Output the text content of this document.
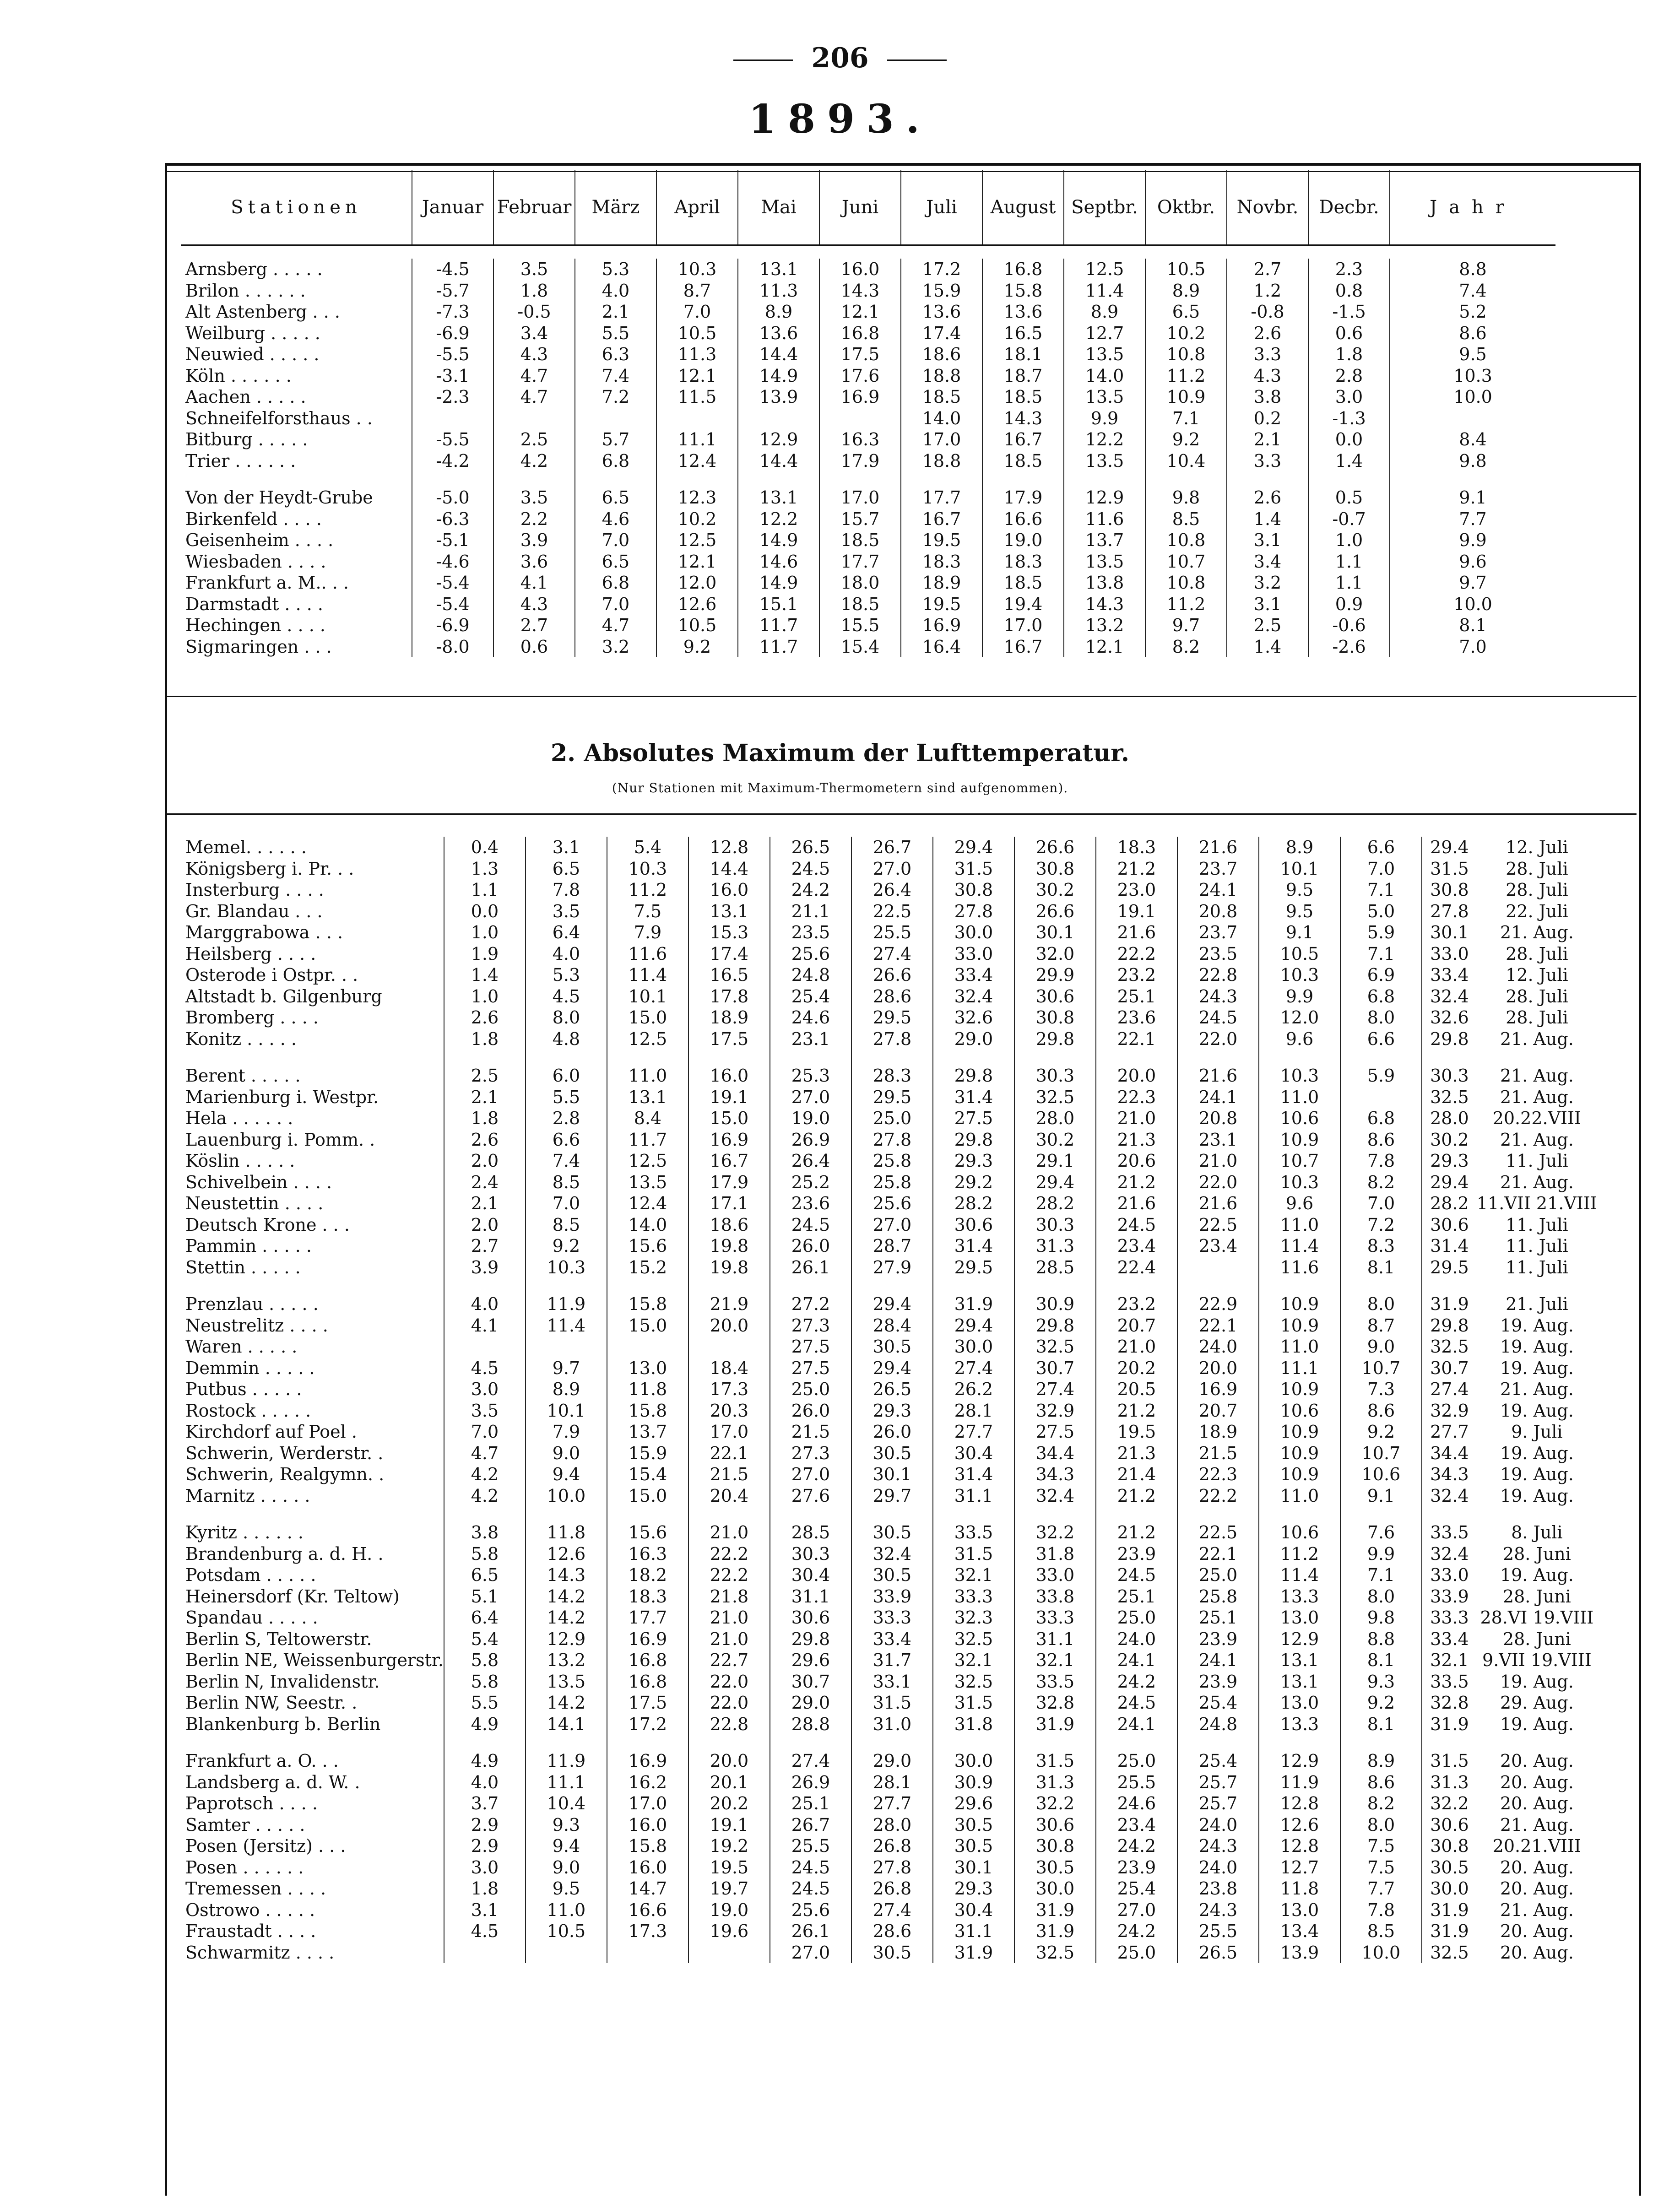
206
1893.
Stationen	Januar	Februar	März	April	Mai	Juni	Juli	August	Septbr.	Oktbr.	Novbr.	Decbr.	Jahr
Arnsberg . . . . .	-4.5	3.5	5.3	10.3	13.1	16.0	17.2	16.8	12.5	10.5	2.7	2.3	8.8
Brilon . . . . . .	-5.7	1.8	4.0	8.7	11.3	14.3	15.9	15.8	11.4	8.9	1.2	0.8	7.4
Alt Astenberg . . .	-7.3	-0.5	2.1	7.0	8.9	12.1	13.6	13.6	8.9	6.5	-0.8	-1.5	5.2
Weilburg . . . . .	-6.9	3.4	5.5	10.5	13.6	16.8	17.4	16.5	12.7	10.2	2.6	0.6	8.6
Neuwied . . . . .	-5.5	4.3	6.3	11.3	14.4	17.5	18.6	18.1	13.5	10.8	3.3	1.8	9.5
Köln . . . . . .	-3.1	4.7	7.4	12.1	14.9	17.6	18.8	18.7	14.0	11.2	4.3	2.8	10.3
Aachen . . . . .	-2.3	4.7	7.2	11.5	13.9	16.9	18.5	18.5	13.5	10.9	3.8	3.0	10.0
Schneifelforsthaus . .							14.0	14.3	9.9	7.1	0.2	-1.3	
Bitburg . . . . .	-5.5	2.5	5.7	11.1	12.9	16.3	17.0	16.7	12.2	9.2	2.1	0.0	8.4
Trier . . . . . .	-4.2	4.2	6.8	12.4	14.4	17.9	18.8	18.5	13.5	10.4	3.3	1.4	9.8

Von der Heydt-Grube	-5.0	3.5	6.5	12.3	13.1	17.0	17.7	17.9	12.9	9.8	2.6	0.5	9.1
Birkenfeld . . . .	-6.3	2.2	4.6	10.2	12.2	15.7	16.7	16.6	11.6	8.5	1.4	-0.7	7.7
Geisenheim . . . .	-5.1	3.9	7.0	12.5	14.9	18.5	19.5	19.0	13.7	10.8	3.1	1.0	9.9
Wiesbaden . . . .	-4.6	3.6	6.5	12.1	14.6	17.7	18.3	18.3	13.5	10.7	3.4	1.1	9.6
Frankfurt a. M.. . .	-5.4	4.1	6.8	12.0	14.9	18.0	18.9	18.5	13.8	10.8	3.2	1.1	9.7
Darmstadt . . . .	-5.4	4.3	7.0	12.6	15.1	18.5	19.5	19.4	14.3	11.2	3.1	0.9	10.0
Hechingen . . . .	-6.9	2.7	4.7	10.5	11.7	15.5	16.9	17.0	13.2	9.7	2.5	-0.6	8.1
Sigmaringen . . .	-8.0	0.6	3.2	9.2	11.7	15.4	16.4	16.7	12.1	8.2	1.4	-2.6	7.0
2. Absolutes Maximum der Lufttemperatur.
(Nur Stationen mit Maximum-Thermometern sind aufgenommen).
Memel. . . . . .	0.4	3.1	5.4	12.8	26.5	26.7	29.4	26.6	18.3	21.6	8.9	6.6	29.4	12. Juli
Königsberg i. Pr. . .	1.3	6.5	10.3	14.4	24.5	27.0	31.5	30.8	21.2	23.7	10.1	7.0	31.5	28. Juli
Insterburg . . . .	1.1	7.8	11.2	16.0	24.2	26.4	30.8	30.2	23.0	24.1	9.5	7.1	30.8	28. Juli
Gr. Blandau . . .	0.0	3.5	7.5	13.1	21.1	22.5	27.8	26.6	19.1	20.8	9.5	5.0	27.8	22. Juli
Marggrabowa . . .	1.0	6.4	7.9	15.3	23.5	25.5	30.0	30.1	21.6	23.7	9.1	5.9	30.1	21. Aug.
Heilsberg . . . .	1.9	4.0	11.6	17.4	25.6	27.4	33.0	32.0	22.2	23.5	10.5	7.1	33.0	28. Juli
Osterode i Ostpr. . .	1.4	5.3	11.4	16.5	24.8	26.6	33.4	29.9	23.2	22.8	10.3	6.9	33.4	12. Juli
Altstadt b. Gilgenburg	1.0	4.5	10.1	17.8	25.4	28.6	32.4	30.6	25.1	24.3	9.9	6.8	32.4	28. Juli
Bromberg . . . .	2.6	8.0	15.0	18.9	24.6	29.5	32.6	30.8	23.6	24.5	12.0	8.0	32.6	28. Juli
Konitz . . . . .	1.8	4.8	12.5	17.5	23.1	27.8	29.0	29.8	22.1	22.0	9.6	6.6	29.8	21. Aug.

Berent . . . . .	2.5	6.0	11.0	16.0	25.3	28.3	29.8	30.3	20.0	21.6	10.3	5.9	30.3	21. Aug.
Marienburg i. Westpr.	2.1	5.5	13.1	19.1	27.0	29.5	31.4	32.5	22.3	24.1	11.0		32.5	21. Aug.
Hela . . . . . .	1.8	2.8	8.4	15.0	19.0	25.0	27.5	28.0	21.0	20.8	10.6	6.8	28.0	20.22.VIII
Lauenburg i. Pomm. .	2.6	6.6	11.7	16.9	26.9	27.8	29.8	30.2	21.3	23.1	10.9	8.6	30.2	21. Aug.
Köslin . . . . .	2.0	7.4	12.5	16.7	26.4	25.8	29.3	29.1	20.6	21.0	10.7	7.8	29.3	11. Juli
Schivelbein . . . .	2.4	8.5	13.5	17.9	25.2	25.8	29.2	29.4	21.2	22.0	10.3	8.2	29.4	21. Aug.
Neustettin . . . .	2.1	7.0	12.4	17.1	23.6	25.6	28.2	28.2	21.6	21.6	9.6	7.0	28.2	11.VII 21.VIII
Deutsch Krone . . .	2.0	8.5	14.0	18.6	24.5	27.0	30.6	30.3	24.5	22.5	11.0	7.2	30.6	11. Juli
Pammin . . . . .	2.7	9.2	15.6	19.8	26.0	28.7	31.4	31.3	23.4	23.4	11.4	8.3	31.4	11. Juli
Stettin . . . . .	3.9	10.3	15.2	19.8	26.1	27.9	29.5	28.5	22.4		11.6	8.1	29.5	11. Juli

Prenzlau . . . . .	4.0	11.9	15.8	21.9	27.2	29.4	31.9	30.9	23.2	22.9	10.9	8.0	31.9	21. Juli
Neustrelitz . . . .	4.1	11.4	15.0	20.0	27.3	28.4	29.4	29.8	20.7	22.1	10.9	8.7	29.8	19. Aug.
Waren . . . . .					27.5	30.5	30.0	32.5	21.0	24.0	11.0	9.0	32.5	19. Aug.
Demmin . . . . .	4.5	9.7	13.0	18.4	27.5	29.4	27.4	30.7	20.2	20.0	11.1	10.7	30.7	19. Aug.
Putbus . . . . .	3.0	8.9	11.8	17.3	25.0	26.5	26.2	27.4	20.5	16.9	10.9	7.3	27.4	21. Aug.
Rostock . . . . .	3.5	10.1	15.8	20.3	26.0	29.3	28.1	32.9	21.2	20.7	10.6	8.6	32.9	19. Aug.
Kirchdorf auf Poel .	7.0	7.9	13.7	17.0	21.5	26.0	27.7	27.5	19.5	18.9	10.9	9.2	27.7	9. Juli
Schwerin, Werderstr. .	4.7	9.0	15.9	22.1	27.3	30.5	30.4	34.4	21.3	21.5	10.9	10.7	34.4	19. Aug.
Schwerin, Realgymn. .	4.2	9.4	15.4	21.5	27.0	30.1	31.4	34.3	21.4	22.3	10.9	10.6	34.3	19. Aug.
Marnitz . . . . .	4.2	10.0	15.0	20.4	27.6	29.7	31.1	32.4	21.2	22.2	11.0	9.1	32.4	19. Aug.

Kyritz . . . . . .	3.8	11.8	15.6	21.0	28.5	30.5	33.5	32.2	21.2	22.5	10.6	7.6	33.5	8. Juli
Brandenburg a. d. H. .	5.8	12.6	16.3	22.2	30.3	32.4	31.5	31.8	23.9	22.1	11.2	9.9	32.4	28. Juni
Potsdam . . . . .	6.5	14.3	18.2	22.2	30.4	30.5	32.1	33.0	24.5	25.0	11.4	7.1	33.0	19. Aug.
Heinersdorf (Kr. Teltow)	5.1	14.2	18.3	21.8	31.1	33.9	33.3	33.8	25.1	25.8	13.3	8.0	33.9	28. Juni
Spandau . . . . .	6.4	14.2	17.7	21.0	30.6	33.3	32.3	33.3	25.0	25.1	13.0	9.8	33.3	28.VI 19.VIII
Berlin S, Teltowerstr.	5.4	12.9	16.9	21.0	29.8	33.4	32.5	31.1	24.0	23.9	12.9	8.8	33.4	28. Juni
Berlin NE, Weissenburgerstr.	5.8	13.2	16.8	22.7	29.6	31.7	32.1	32.1	24.1	24.1	13.1	8.1	32.1	9.VII 19.VIII
Berlin N, Invalidenstr.	5.8	13.5	16.8	22.0	30.7	33.1	32.5	33.5	24.2	23.9	13.1	9.3	33.5	19. Aug.
Berlin NW, Seestr. .	5.5	14.2	17.5	22.0	29.0	31.5	31.5	32.8	24.5	25.4	13.0	9.2	32.8	29. Aug.
Blankenburg b. Berlin	4.9	14.1	17.2	22.8	28.8	31.0	31.8	31.9	24.1	24.8	13.3	8.1	31.9	19. Aug.

Frankfurt a. O. . .	4.9	11.9	16.9	20.0	27.4	29.0	30.0	31.5	25.0	25.4	12.9	8.9	31.5	20. Aug.
Landsberg a. d. W. .	4.0	11.1	16.2	20.1	26.9	28.1	30.9	31.3	25.5	25.7	11.9	8.6	31.3	20. Aug.
Paprotsch . . . .	3.7	10.4	17.0	20.2	25.1	27.7	29.6	32.2	24.6	25.7	12.8	8.2	32.2	20. Aug.
Samter . . . . .	2.9	9.3	16.0	19.1	26.7	28.0	30.5	30.6	23.4	24.0	12.6	8.0	30.6	21. Aug.
Posen (Jersitz) . . .	2.9	9.4	15.8	19.2	25.5	26.8	30.5	30.8	24.2	24.3	12.8	7.5	30.8	20.21.VIII
Posen . . . . . .	3.0	9.0	16.0	19.5	24.5	27.8	30.1	30.5	23.9	24.0	12.7	7.5	30.5	20. Aug.
Tremessen . . . .	1.8	9.5	14.7	19.7	24.5	26.8	29.3	30.0	25.4	23.8	11.8	7.7	30.0	20. Aug.
Ostrowo . . . . .	3.1	11.0	16.6	19.0	25.6	27.4	30.4	31.9	27.0	24.3	13.0	7.8	31.9	21. Aug.
Fraustadt . . . .	4.5	10.5	17.3	19.6	26.1	28.6	31.1	31.9	24.2	25.5	13.4	8.5	31.9	20. Aug.
Schwarmitz . . . .					27.0	30.5	31.9	32.5	25.0	26.5	13.9	10.0	32.5	20. Aug.
